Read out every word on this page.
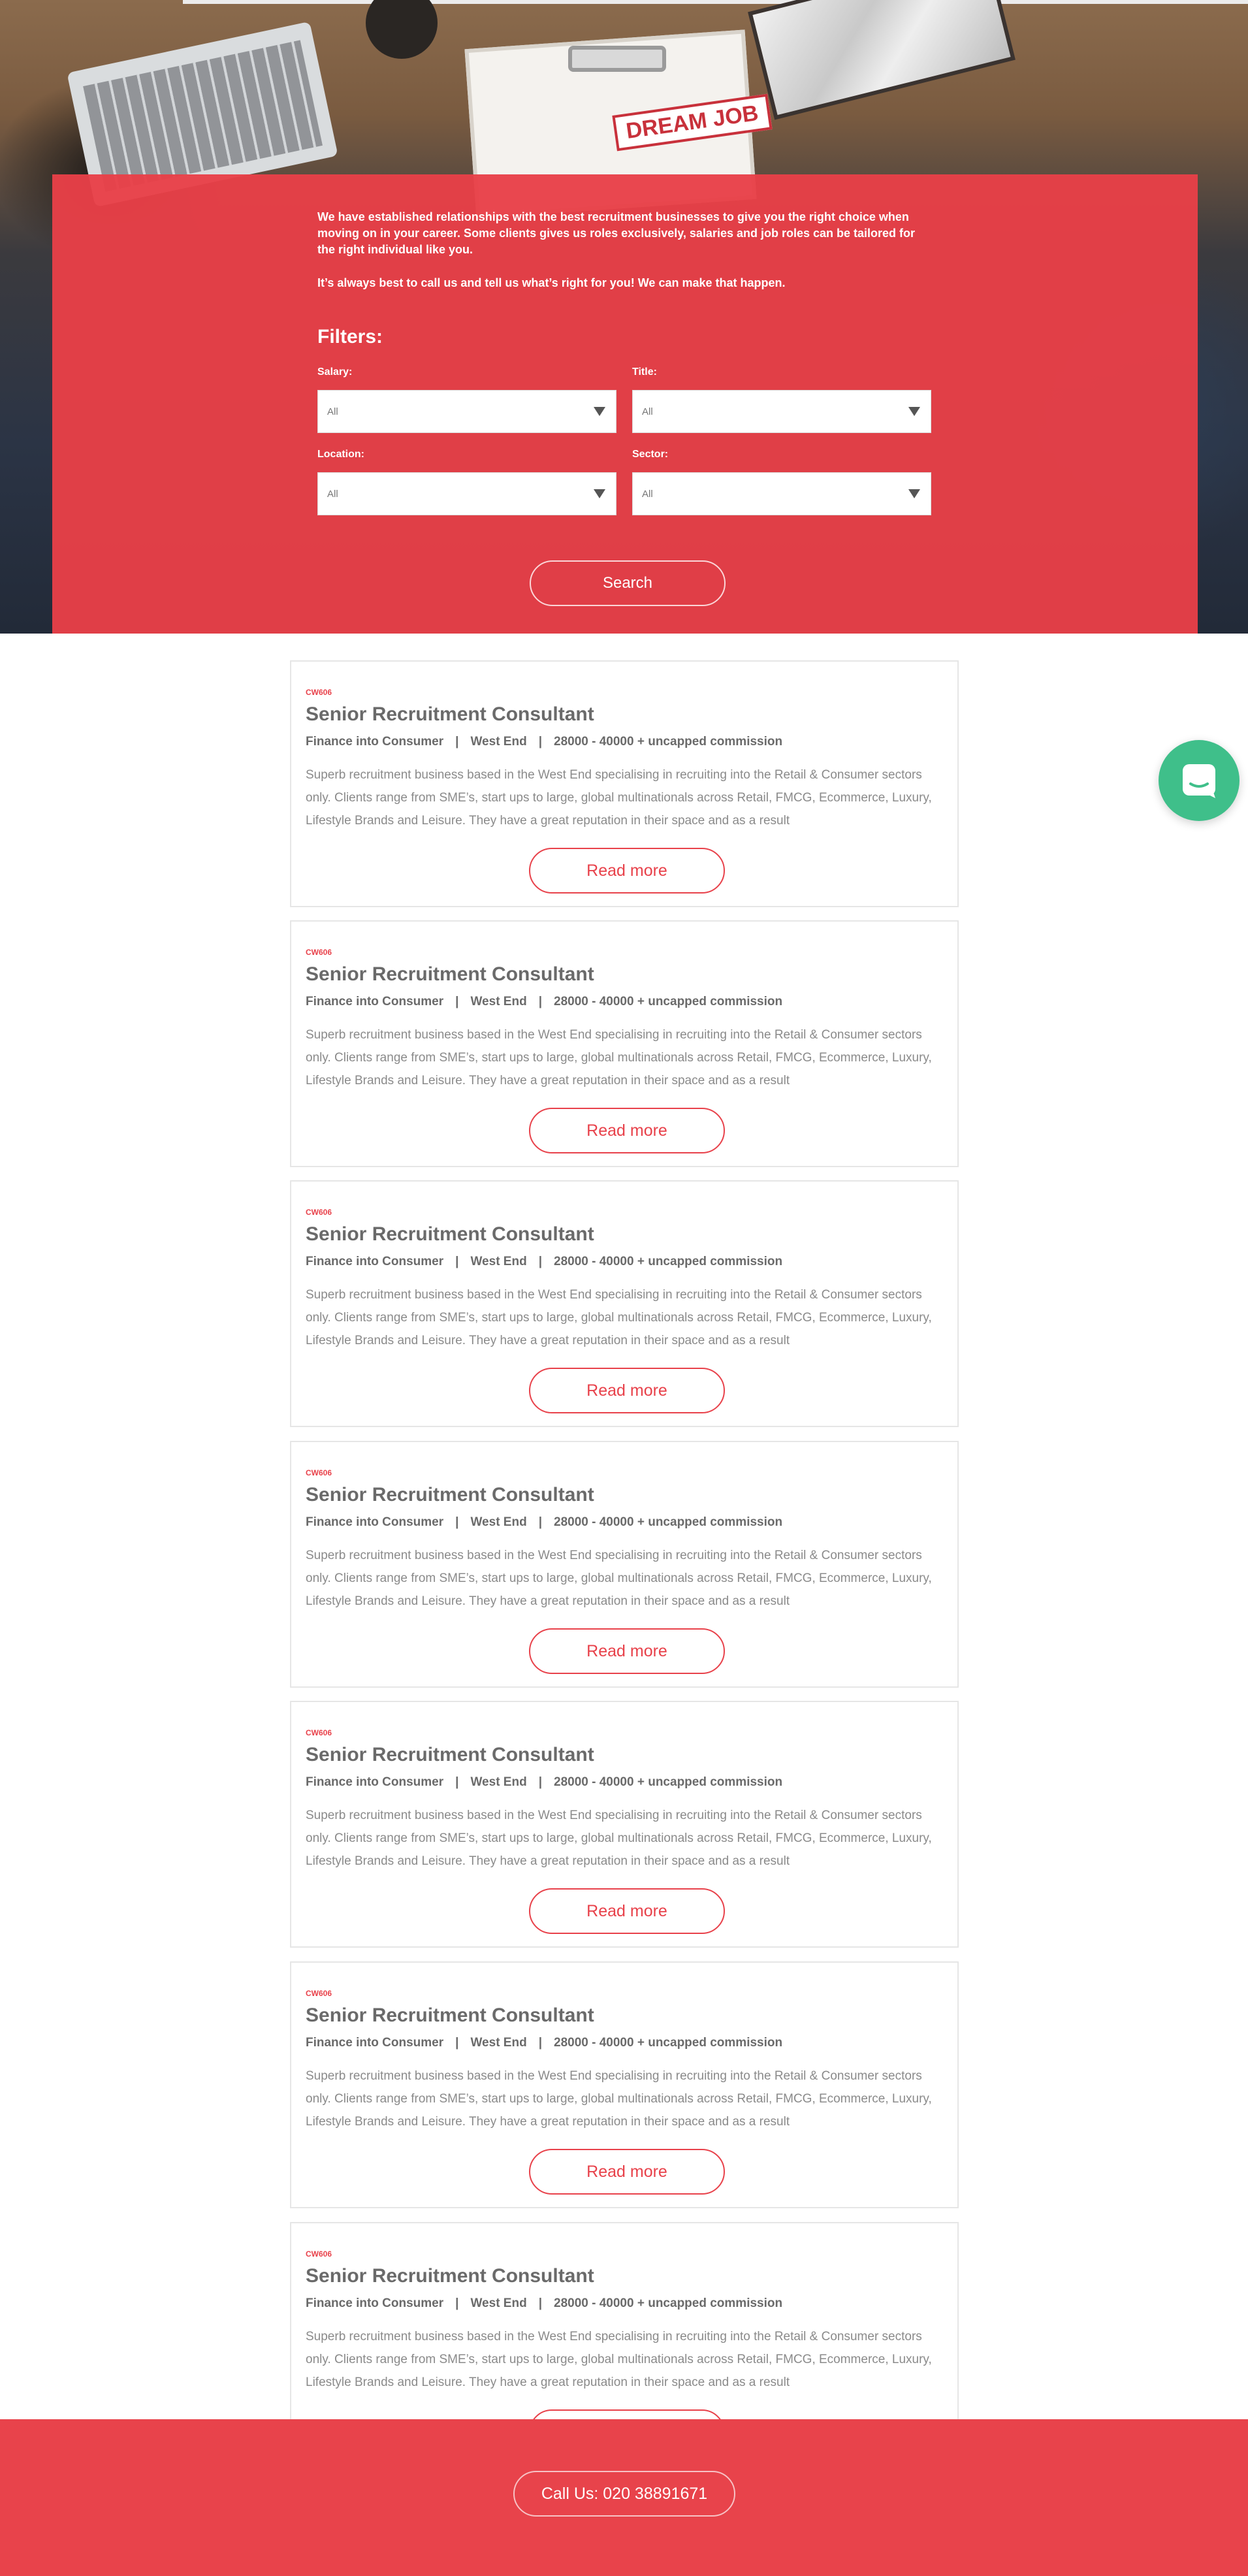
DREAM JOB

We have established relationships with the best recruitment businesses to give you the right choice when moving on in your career. Some clients gives us roles exclusively, salaries and job roles can be tailored for the right individual like you.

It’s always best to call us and tell us what’s right for you! We can make that happen.

Filters:
Salary:
All
Title:
All
Location:
All
Sector:
All
Search
CW606
Senior Recruitment Consultant
Finance into Consumer | West End | 28000 - 40000 + uncapped commission
Superb recruitment business based in the West End specialising in recruiting into the Retail & Consumer sectors only. Clients range from SME’s, start ups to large, global multinationals across Retail, FMCG, Ecommerce, Luxury, Lifestyle Brands and Leisure. They have a great reputation in their space and as a result
Read more
CW606
Senior Recruitment Consultant
Finance into Consumer | West End | 28000 - 40000 + uncapped commission
Superb recruitment business based in the West End specialising in recruiting into the Retail & Consumer sectors only. Clients range from SME’s, start ups to large, global multinationals across Retail, FMCG, Ecommerce, Luxury, Lifestyle Brands and Leisure. They have a great reputation in their space and as a result
Read more
CW606
Senior Recruitment Consultant
Finance into Consumer | West End | 28000 - 40000 + uncapped commission
Superb recruitment business based in the West End specialising in recruiting into the Retail & Consumer sectors only. Clients range from SME’s, start ups to large, global multinationals across Retail, FMCG, Ecommerce, Luxury, Lifestyle Brands and Leisure. They have a great reputation in their space and as a result
Read more
CW606
Senior Recruitment Consultant
Finance into Consumer | West End | 28000 - 40000 + uncapped commission
Superb recruitment business based in the West End specialising in recruiting into the Retail & Consumer sectors only. Clients range from SME’s, start ups to large, global multinationals across Retail, FMCG, Ecommerce, Luxury, Lifestyle Brands and Leisure. They have a great reputation in their space and as a result
Read more
CW606
Senior Recruitment Consultant
Finance into Consumer | West End | 28000 - 40000 + uncapped commission
Superb recruitment business based in the West End specialising in recruiting into the Retail & Consumer sectors only. Clients range from SME’s, start ups to large, global multinationals across Retail, FMCG, Ecommerce, Luxury, Lifestyle Brands and Leisure. They have a great reputation in their space and as a result
Read more
CW606
Senior Recruitment Consultant
Finance into Consumer | West End | 28000 - 40000 + uncapped commission
Superb recruitment business based in the West End specialising in recruiting into the Retail & Consumer sectors only. Clients range from SME’s, start ups to large, global multinationals across Retail, FMCG, Ecommerce, Luxury, Lifestyle Brands and Leisure. They have a great reputation in their space and as a result
Read more
CW606
Senior Recruitment Consultant
Finance into Consumer | West End | 28000 - 40000 + uncapped commission
Superb recruitment business based in the West End specialising in recruiting into the Retail & Consumer sectors only. Clients range from SME’s, start ups to large, global multinationals across Retail, FMCG, Ecommerce, Luxury, Lifestyle Brands and Leisure. They have a great reputation in their space and as a result
Call Us: 020 38891671
